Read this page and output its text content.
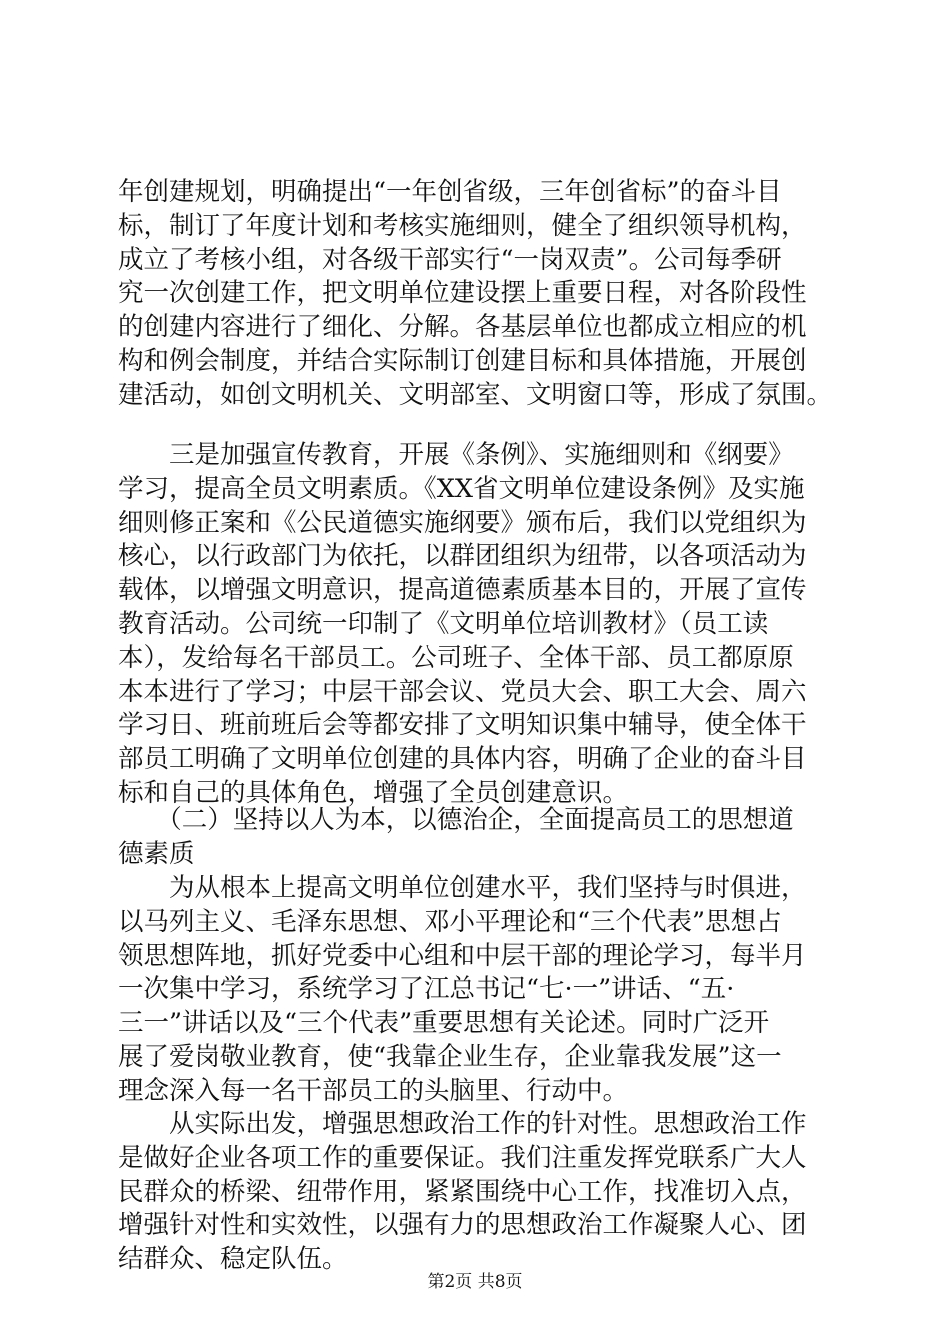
年创建规划，明确提出“一年创省级，三年创省标”的奋斗目
标，制订了年度计划和考核实施细则，健全了组织领导机构，
成立了考核小组，对各级干部实行“一岗双责”。公司每季研
究一次创建工作，把文明单位建设摆上重要日程，对各阶段性
的创建内容进行了细化、分解。各基层单位也都成立相应的机
构和例会制度，并结合实际制订创建目标和具体措施，开展创
建活动，如创文明机关、文明部室、文明窗口等，形成了氛围。

　　三是加强宣传教育，开展《条例》、实施细则和《纲要》
学习，提高全员文明素质。《XX省文明单位建设条例》及实施
细则修正案和《公民道德实施纲要》颁布后，我们以党组织为
核心，以行政部门为依托，以群团组织为纽带，以各项活动为
载体，以增强文明意识，提高道德素质基本目的，开展了宣传
教育活动。公司统一印制了《文明单位培训教材》（员工读
本），发给每名干部员工。公司班子、全体干部、员工都原原
本本进行了学习；中层干部会议、党员大会、职工大会、周六
学习日、班前班后会等都安排了文明知识集中辅导，使全体干
部员工明确了文明单位创建的具体内容，明确了企业的奋斗目
标和自己的具体角色，增强了全员创建意识。

　　（二）坚持以人为本，以德治企，全面提高员工的思想道
德素质

　　为从根本上提高文明单位创建水平，我们坚持与时俱进，
以马列主义、毛泽东思想、邓小平理论和“三个代表”思想占
领思想阵地，抓好党委中心组和中层干部的理论学习，每半月
一次集中学习，系统学习了江总书记“七·一”讲话、“五·
三一”讲话以及“三个代表”重要思想有关论述。同时广泛开
展了爱岗敬业教育，使“我靠企业生存，企业靠我发展”这一
理念深入每一名干部员工的头脑里、行动中。

　　从实际出发，增强思想政治工作的针对性。思想政治工作
是做好企业各项工作的重要保证。我们注重发挥党联系广大人
民群众的桥梁、纽带作用，紧紧围绕中心工作，找准切入点，
增强针对性和实效性，以强有力的思想政治工作凝聚人心、团
结群众、稳定队伍。

第2页 共8页
